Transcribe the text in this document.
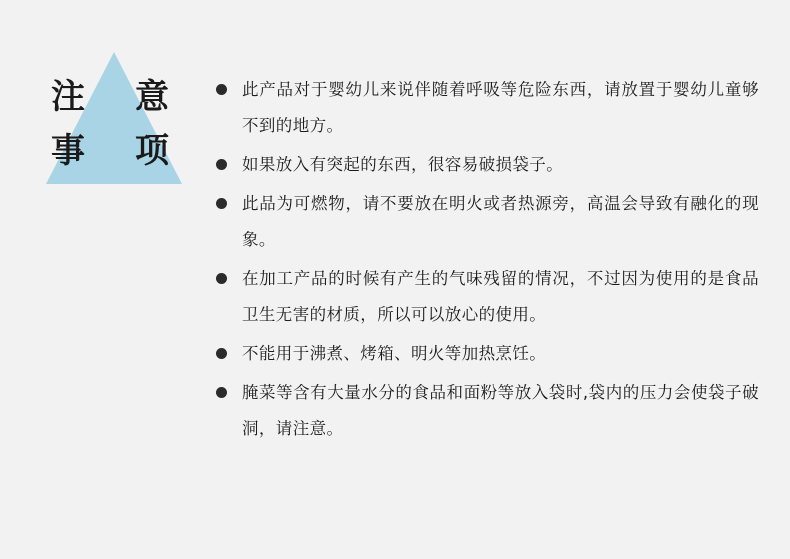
注　意
事　项
此产品对于婴幼儿来说伴随着呼吸等危险东西，请放置于婴幼儿童够不到的地方。
如果放入有突起的东西，很容易破损袋子。
此品为可燃物，请不要放在明火或者热源旁，高温会导致有融化的现象。
在加工产品的时候有产生的气味残留的情况，不过因为使用的是食品卫生无害的材质，所以可以放心的使用。
不能用于沸煮、烤箱、明火等加热烹饪。
腌菜等含有大量水分的食品和面粉等放入袋时,袋内的压力会使袋子破洞，请注意。
